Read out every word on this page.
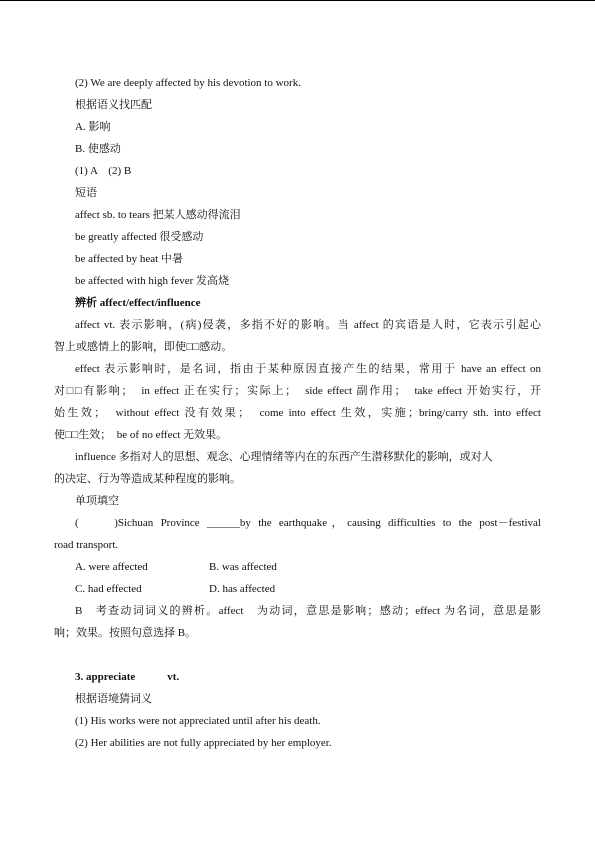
(2) We are deeply affected by his devotion to work.
根据语义找匹配
A. 影响
B. 使感动
(1) A　(2) B
短语
affect sb. to tears 把某人感动得流泪
be greatly affected 很受感动
be affected by heat 中暑
be affected with high fever 发高烧
辨析 affect/effect/influence
affect vt. 表示影响，(病)侵袭，多指不好的影响。当 affect 的宾语是人时，它表示引起心
智上或感情上的影响，即使□□感动。
effect 表示影响时，是名词，指由于某种原因直接产生的结果，常用于 have an effect on
对□□有影响；　in effect 正在实行；实际上；　side effect 副作用；　take effect 开始实行，开
始生效；　without effect 没有效果；　come into effect 生效，实施；bring/carry sth. into effect
使□□生效；　be of no effect 无效果。
influence 多指对人的思想、观念、心理情绪等内在的东西产生潜移默化的影响，或对人
的决定、行为等造成某种程度的影响。
单项填空
(　　)Sichuan Province ______by the earthquake，causing difficulties to the post－festival
road transport.
A. were affected	B. was affected
C. had effected	D. has affected
B　考查动词词义的辨析。affect　为动词，意思是影响；感动；effect 为名词，意思是影
响；效果。按照句意选择 B。
3. appreciate	vt.
根据语境猜词义
(1) His works were not appreciated until after his death.
(2) Her abilities are not fully appreciated by her employer.
